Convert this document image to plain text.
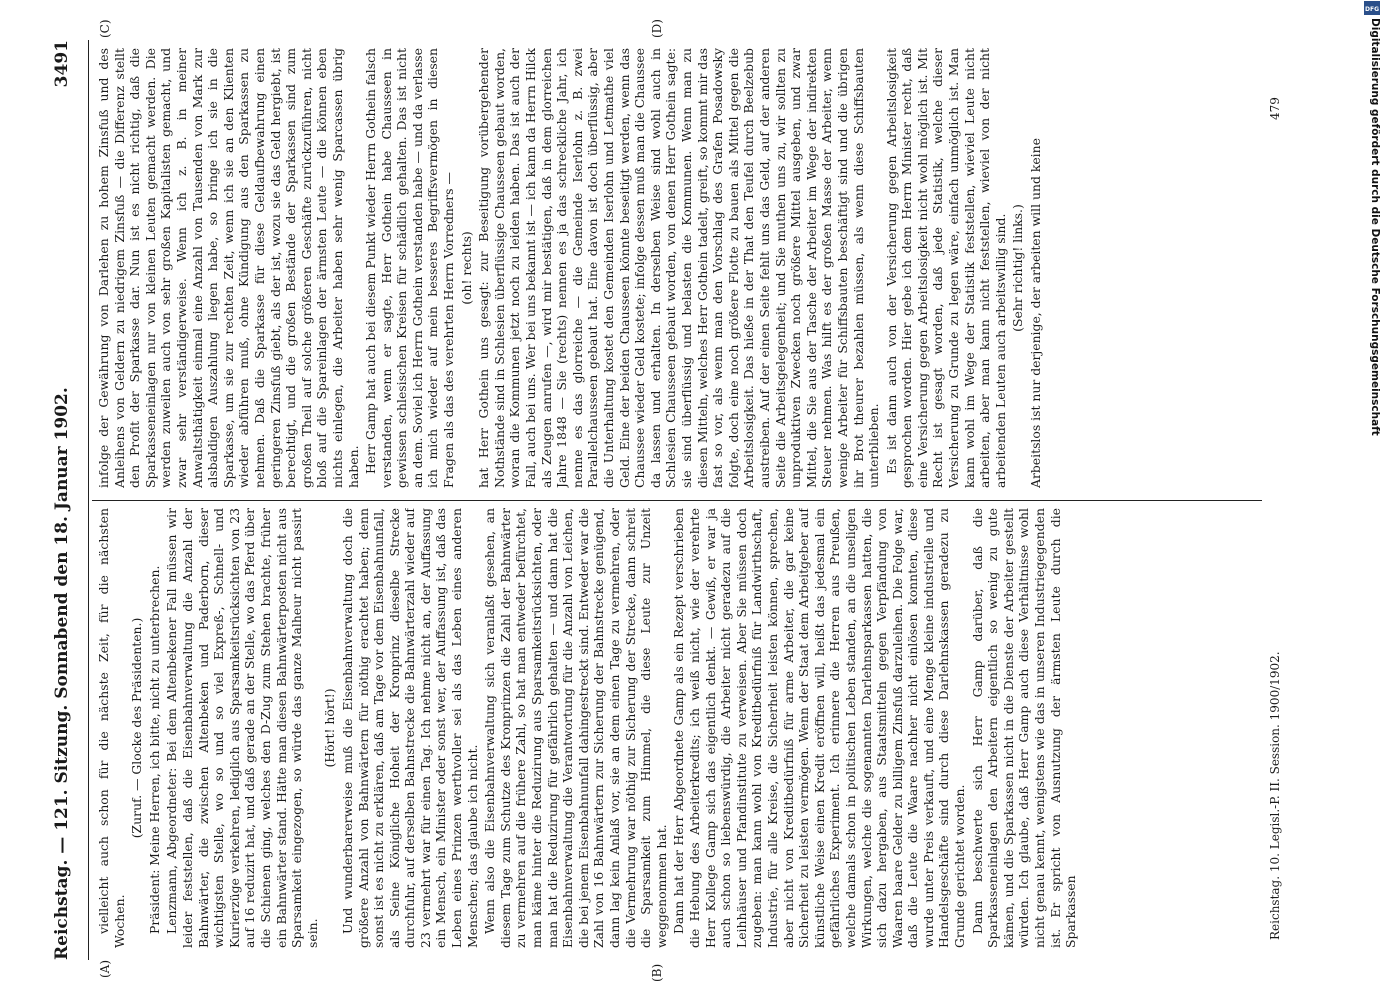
Reichstag. — 121. Sitzung. Sonnabend den 18. Januar 1902.
3491
(A)	(B)
(C)	(D)

vielleicht auch schon für die nächste Zeit, für die nächsten Wochen.

(Zuruf. — Glocke des Präsidenten.) Präsident: Meine Herren, ich bitte, nicht zu unterbrechen. Lenzmann, Abgeordneter: Bei dem Altenbekener Fall müssen wir leider feststellen, daß die Eisenbahnverwaltung die Anzahl der Bahnwärter, die zwischen Altenbeken und Paderborn, dieser wichtigsten Stelle, wo so und so viel Expreß-, Schnell- und Kurierzüge verkehren, lediglich aus Sparsamkeitsrücksichten von 23 auf 16 reduzirt hat, und daß gerade an der Stelle, wo das Pferd über die Schienen ging, welches den D-Zug zum Stehen brachte, früher ein Bahnwärter stand. Hätte man diesen Bahnwärterposten nicht aus Sparsamkeit eingezogen, so würde das ganze Malheur nicht passirt sein.

(Hört! hört!) Und wunderbarerweise muß die Eisenbahnverwaltung doch die größere Anzahl von Bahnwärtern für nöthig erachtet haben; denn sonst ist es nicht zu erklären, daß am Tage vor dem Eisenbahnunfall, als Seine Königliche Hoheit der Kronprinz dieselbe Strecke durchfuhr, auf derselben Bahnstrecke die Bahnwärterzahl wieder auf 23 vermehrt war für einen Tag. Ich nehme nicht an, der Auffassung ein Mensch, ein Minister oder sonst wer, der Auffassung ist, daß das Leben eines Prinzen werthvoller sei als das Leben eines anderen Menschen; das glaube ich nicht. Wenn also die Eisenbahnverwaltung sich veranlaßt gesehen, an diesem Tage zum Schutze des Kronprinzen die Zahl der Bahnwärter zu vermehren auf die frühere Zahl, so hat man entweder befürchtet, man käme hinter die Reduzirung aus Sparsamkeitsrücksichten, oder man hat die Reduzirung für gefährlich gehalten — und dann hat die Eisenbahnverwaltung die Verantwortung für die Anzahl von Leichen, die bei jenem Eisenbahnunfall dahingestreckt sind. Entweder war die Zahl von 16 Bahnwärtern zur Sicherung der Bahnstrecke genügend, dann lag kein Anlaß vor, sie an dem einen Tage zu vermehren, oder die Vermehrung war nöthig zur Sicherung der Strecke, dann schreit die Sparsamkeit zum Himmel, die diese Leute zur Unzeit weggenommen hat. Dann hat der Herr Abgeordnete Gamp als ein Rezept verschrieben die Hebung des Arbeiterkredits; ich weiß nicht, wie der verehrte Herr Kollege Gamp sich das eigentlich denkt. — Gewiß, er war ja auch schon so liebenswürdig, die Arbeiter nicht geradezu auf die Leihhäuser und Pfandinstitute zu verweisen. Aber Sie müssen doch zugeben: man kann wohl von Kreditbedürfniß für Landwirthschaft, Industrie, für alle Kreise, die Sicherheit leisten können, sprechen, aber nicht von Kreditbedürfniß für arme Arbeiter, die gar keine Sicherheit zu leisten vermögen. Wenn der Staat dem Arbeitgeber auf künstliche Weise einen Kredit eröffnen will, heißt das jedesmal ein gefährliches Experiment. Ich erinnere die Herren aus Preußen, welche damals schon in politischen Leben standen, an die unseligen Wirkungen, welche die sogenannten Darlehnsparkassen hatten, die sich dazu hergaben, aus Staatsmitteln gegen Verpfändung von Waaren baare Gelder zu billigem Zinsfuß darzuleihen. Die Folge war, daß die Leute die Waare nachher nicht einlösen konnten, diese wurde unter Preis verkauft, und eine Menge kleine industrielle und Handelsgeschäfte sind durch diese Darlehnskassen geradezu zu Grunde gerichtet worden. Dann beschwerte sich Herr Gamp darüber, daß die Sparkasseneinlagen den Arbeitern eigentlich so wenig zu gute kämen, und die Sparkassen nicht in die Dienste der Arbeiter gestellt würden. Ich glaube, daß Herr Gamp auch diese Verhältnisse wohl nicht genau kennt, wenigstens wie das in unseren Industriegegenden ist. Er spricht von Ausnutzung der ärmsten Leute durch die Sparkassen

infolge der Gewährung von Darlehen zu hohem Zinsfuß und des Anleihens von Geldern zu niedrigem Zinsfuß — die Differenz stellt den Profit der Sparkasse dar. Nun ist es nicht richtig, daß die Sparkasseneinlagen nur von kleinen Leuten gemacht werden. Die werden zuweilen auch von sehr großen Kapitalisten gemacht, und zwar sehr verständigerweise. Wenn ich z. B. in meiner Anwaltsthätigkeit einmal eine Anzahl von Tausenden von Mark zur alsbaldigen Auszahlung liegen habe, so bringe ich sie in die Sparkasse, um sie zur rechten Zeit, wenn ich sie an den Klienten wieder abführen muß, ohne Kündigung aus den Sparkassen zu nehmen. Daß die Sparkasse für diese Geldaufbewahrung einen geringeren Zinsfuß giebt, als der ist, wozu sie das Geld hergiebt, ist berechtigt, und die großen Bestände der Sparkassen sind zum großen Theil auf solche größeren Geschäfte zurückzuführen, nicht bloß auf die Spareinlagen der ärmsten Leute — die können eben nichts einlegen, die Arbeiter haben sehr wenig Sparcassen übrig haben. Herr Gamp hat auch bei diesem Punkt wieder Herrn Gothein falsch verstanden, wenn er sagte, Herr Gothein habe Chausseen in gewissen schlesischen Kreisen für schädlich gehalten. Das ist nicht an dem. Soviel ich Herrn Gothein verstanden habe — und da verlasse ich mich wieder auf mein besseres Begriffsvermögen in diesen Fragen als das des verehrten Herrn Vorredners — (oh! rechts) hat Herr Gothein uns gesagt: zur Beseitigung vorübergehender Nothstände sind in Schlesien überflüssige Chausseen gebaut worden, woran die Kommunen jetzt noch zu leiden haben. Das ist auch der Fall, auch bei uns. Wer bei uns bekannt ist — ich kann da Herrn Hilck als Zeugen anrufen —, wird mir bestätigen, daß in dem glorreichen Jahre 1848 — Sie (rechts) nennen es ja das schreckliche Jahr, ich nenne es das glorreiche — die Gemeinde Iserlohn z. B. zwei Parallelchausseen gebaut hat. Eine davon ist doch überflüssig, aber die Unterhaltung kostet den Gemeinden Iserlohn und Letmathe viel Geld. Eine der beiden Chausseen könnte beseitigt werden, wenn das Chaussee wieder Geld kostete; infolge dessen muß man die Chaussee da lassen und erhalten. In derselben Weise sind wohl auch in Schlesien Chausseen gebaut worden, von denen Herr Gothein sagte: sie sind überflüssig und belasten die Kommunen. Wenn man zu diesen Mitteln, welches Herr Gothein tadelt, greift, so kommt mir das fast so vor, als wenn man den Vorschlag des Grafen Posadowsky folgte, doch eine noch größere Flotte zu bauen als Mittel gegen die Arbeitslosigkeit. Das hieße in der That den Teufel durch Beelzebub austreiben. Auf der einen Seite fehlt uns das Geld, auf der anderen Seite die Arbeitsgelegenheit; und Sie muthen uns zu, wir sollten zu unproduktiven Zwecken noch größere Mittel ausgeben, und zwar Mittel, die Sie aus der Tasche der Arbeiter im Wege der indirekten Steuer nehmen. Was hilft es der großen Masse der Arbeiter, wenn wenige Arbeiter für Schiffsbauten beschäftigt sind und die übrigen ihr Brot theurer bezahlen müssen, als wenn diese Schiffsbauten unterblieben. Es ist dann auch von der Versicherung gegen Arbeitslosigkeit gesprochen worden. Hier gebe ich dem Herrn Minister recht, daß eine Versicherung gegen Arbeitslosigkeit nicht wohl möglich ist. Mit Recht ist gesagt worden, daß jede Statistik, welche dieser Versicherung zu Grunde zu legen wäre, einfach unmöglich ist. Man kann wohl im Wege der Statistik feststellen, wieviel Leute nicht arbeiten, aber man kann nicht feststellen, wieviel von der nicht arbeitenden Leuten auch arbeitswillig sind. (Sehr richtig! links.) Arbeitslos ist nur derjenige, der arbeiten will und keine

Reichstag. 10. Legisl.-P. II. Session. 1900/1902.
479
DFG
Digitalisierung gefördert durch die Deutsche Forschungsgemeinschaft
